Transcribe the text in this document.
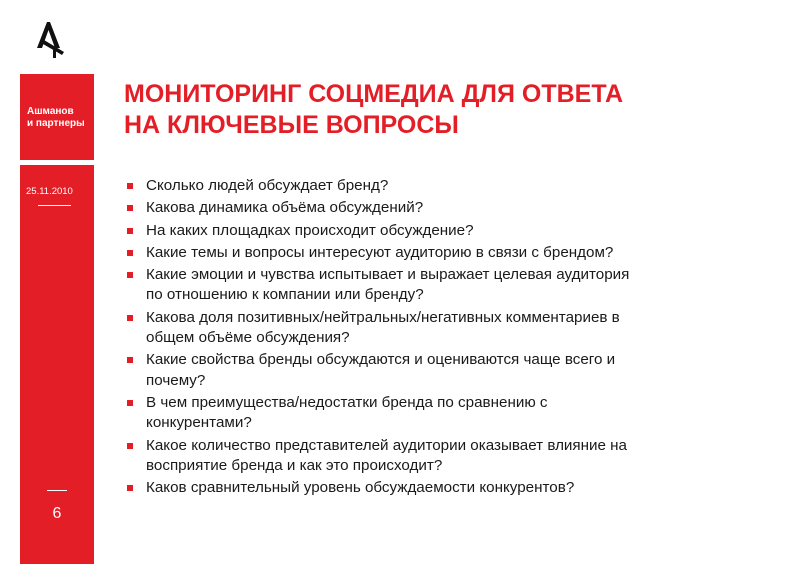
Ашманов
и партнеры
25.11.2010
6
МОНИТОРИНГ СОЦМЕДИА ДЛЯ ОТВЕТА
НА КЛЮЧЕВЫЕ ВОПРОСЫ
Сколько людей обсуждает бренд?
Какова динамика объёма обсуждений?
На каких площадках происходит обсуждение?
Какие темы и вопросы интересуют аудиторию в связи с брендом?
Какие эмоции и чувства испытывает и выражает целевая аудитория
по отношению к компании или бренду?
Какова доля позитивных/нейтральных/негативных комментариев в
общем объёме обсуждения?
Какие свойства бренды обсуждаются и оцениваются чаще всего и
почему?
В чем преимущества/недостатки бренда по сравнению с
конкурентами?
Какое количество представителей аудитории оказывает влияние на
восприятие бренда и как это происходит?
Каков сравнительный уровень обсуждаемости конкурентов?
